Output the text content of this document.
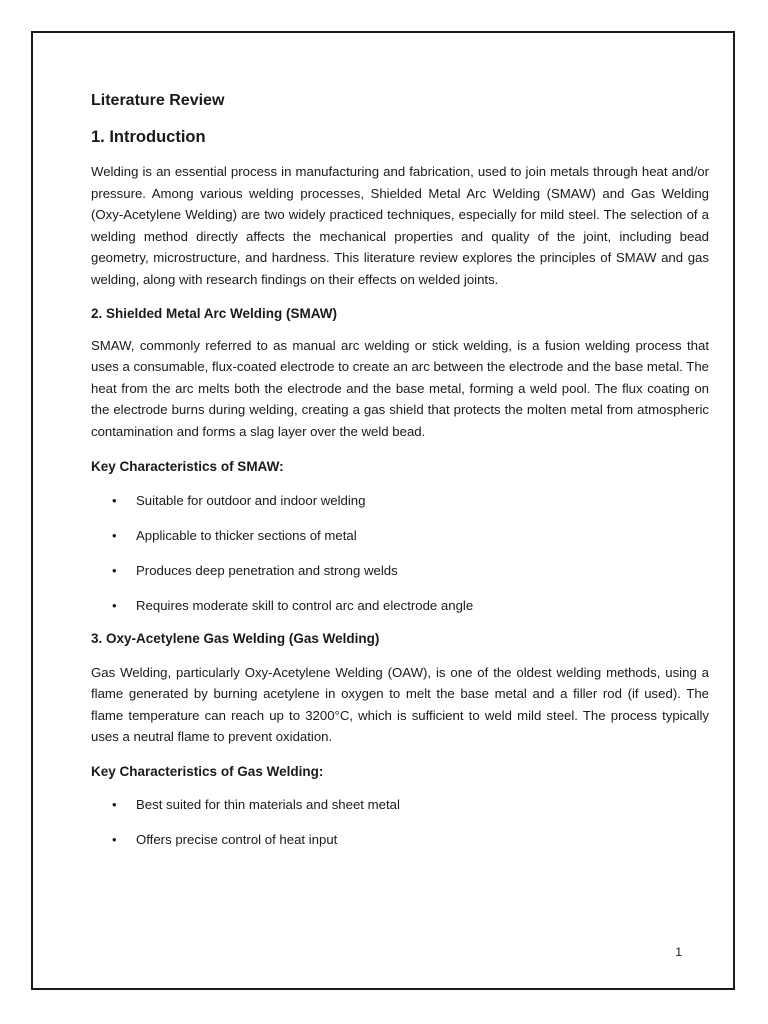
Literature Review
1. Introduction

Welding is an essential process in manufacturing and fabrication, used to join metals through heat and/or pressure. Among various welding processes, Shielded Metal Arc Welding (SMAW) and Gas Welding (Oxy-Acetylene Welding) are two widely practiced techniques, especially for mild steel. The selection of a welding method directly affects the mechanical properties and quality of the joint, including bead geometry, microstructure, and hardness. This literature review explores the principles of SMAW and gas welding, along with research findings on their effects on welded joints.

2. Shielded Metal Arc Welding (SMAW)

SMAW, commonly referred to as manual arc welding or stick welding, is a fusion welding process that uses a consumable, flux-coated electrode to create an arc between the electrode and the base metal. The heat from the arc melts both the electrode and the base metal, forming a weld pool. The flux coating on the electrode burns during welding, creating a gas shield that protects the molten metal from atmospheric contamination and forms a slag layer over the weld bead.

Key Characteristics of SMAW:
• Suitable for outdoor and indoor welding
• Applicable to thicker sections of metal
• Produces deep penetration and strong welds
• Requires moderate skill to control arc and electrode angle
3. Oxy-Acetylene Gas Welding (Gas Welding)

Gas Welding, particularly Oxy-Acetylene Welding (OAW), is one of the oldest welding methods, using a flame generated by burning acetylene in oxygen to melt the base metal and a filler rod (if used). The flame temperature can reach up to 3200°C, which is sufficient to weld mild steel. The process typically uses a neutral flame to prevent oxidation.

Key Characteristics of Gas Welding:
• Best suited for thin materials and sheet metal
• Offers precise control of heat input
1
